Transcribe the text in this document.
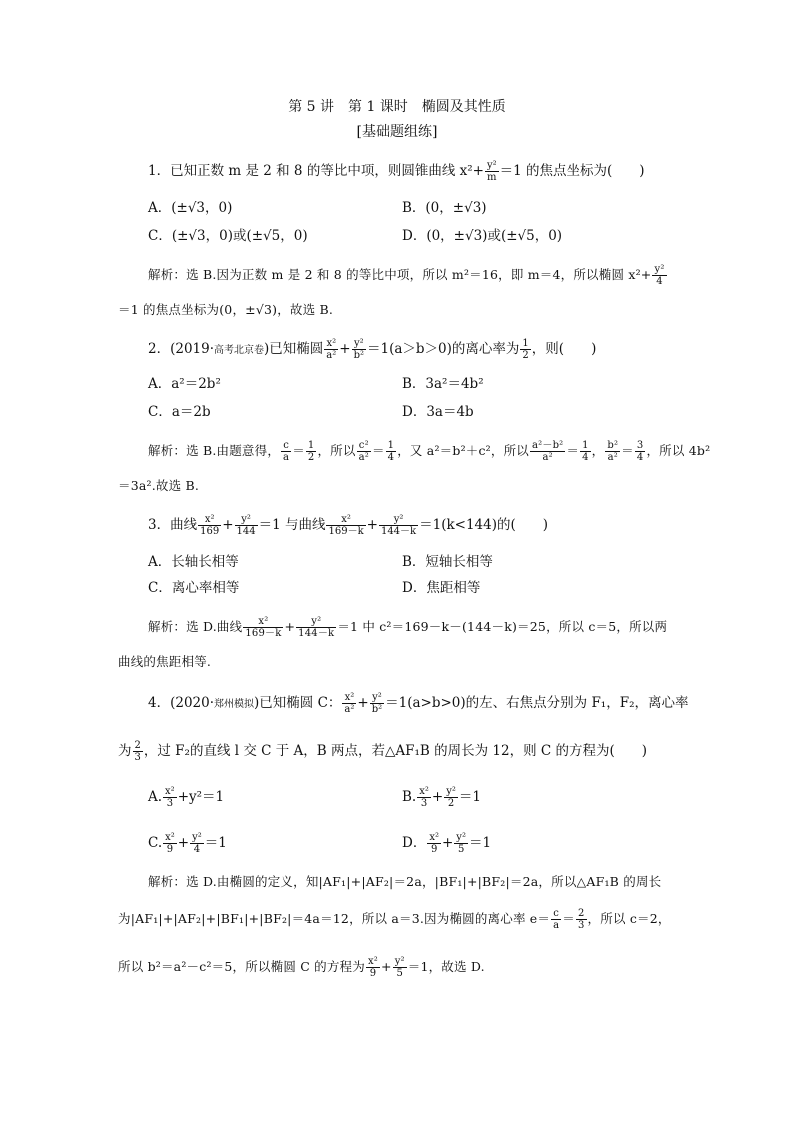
第 5 讲　第 1 课时　椭圆及其性质
[基础题组练]
1．已知正数 m 是 2 和 8 的等比中项，则圆锥曲线 $x^2+ \frac{\text{y²}}{m} =1$ 的焦点坐标为(　　)
A．(±√3，0)	B．(0，±√3)
C．(±√3，0)或(±√5，0)	D．(0，±√3)或(±√5，0)
解析：选 B.因为正数 m 是 2 和 8 的等比中项，所以 m²＝16，即 m＝4，所以椭圆 $x^2+ \frac{\text{y²}}{4}$
＝1 的焦点坐标为(0，±√3)，故选 B.
2．(2019·高考北京卷)已知椭圆 $\frac{\text{x²}}{\text{a²}} + \frac{\text{y²}}{\text{b²}} =1(a>b>0)$的离心率为 $\frac{1}{2}$ ，则(　　)
A．a²＝2b²	B．3a²＝4b²
C．a＝2b	D．3a＝4b
解析：选 B.由题意得， $\frac{c}{a} = \frac{1}{2}$ ，所以 $\frac{\text{c²}}{\text{a²}} = \frac{1}{4}$ ，又 a²＝b²＋c²，所以 $\frac{\text{a²－b²}}{\text{a²}} = \frac{1}{4}$ ， $\frac{\text{b²}}{\text{a²}} = \frac{3}{4}$ ，所以 4b²
＝3a².故选 B.
3．曲线 $\frac{\text{x²}}{169} + \frac{\text{y²}}{144} =1$ 与曲线 $\frac{\text{x²}}{169-k} + \frac{\text{y²}}{144-k} =1(k<144)$的(　　)
A．长轴长相等	B．短轴长相等
C．离心率相等	D．焦距相等
解析：选 D.曲线 $\frac{\text{x²}}{169-k} + \frac{\text{y²}}{144-k} =1$ 中 c²＝169－k－(144－k)＝25，所以 c＝5，所以两
曲线的焦距相等.
4．(2020·郑州模拟)已知椭圆 C： $\frac{\text{x²}}{\text{a²}} + \frac{\text{y²}}{\text{b²}} =1(a>b>0)$的左、右焦点分别为 F₁，F₂，离心率
为 $\frac{2}{3}$ ，过 F₂的直线 l 交 C 于 A，B 两点，若△AF₁B 的周长为 12，则 C 的方程为(　　)
A. $\frac{\text{x²}}{3} +y^2=1$	B. $\frac{\text{x²}}{3} + \frac{\text{y²}}{2} =1$
C. $\frac{\text{x²}}{9} + \frac{\text{y²}}{4} =1$	D． $\frac{\text{x²}}{9} + \frac{\text{y²}}{5} =1$
解析：选 D.由椭圆的定义，知|AF₁|+|AF₂|＝2a，|BF₁|+|BF₂|＝2a，所以△AF₁B 的周长
为|AF₁|+|AF₂|+|BF₁|+|BF₂|＝4a＝12，所以 a＝3.因为椭圆的离心率 $e= \frac{c}{a} = \frac{2}{3}$ ，所以 c＝2，
所以 b²＝a²－c²＝5，所以椭圆 C 的方程为 $\frac{\text{x²}}{9} + \frac{\text{y²}}{5} =1$，故选 D.
